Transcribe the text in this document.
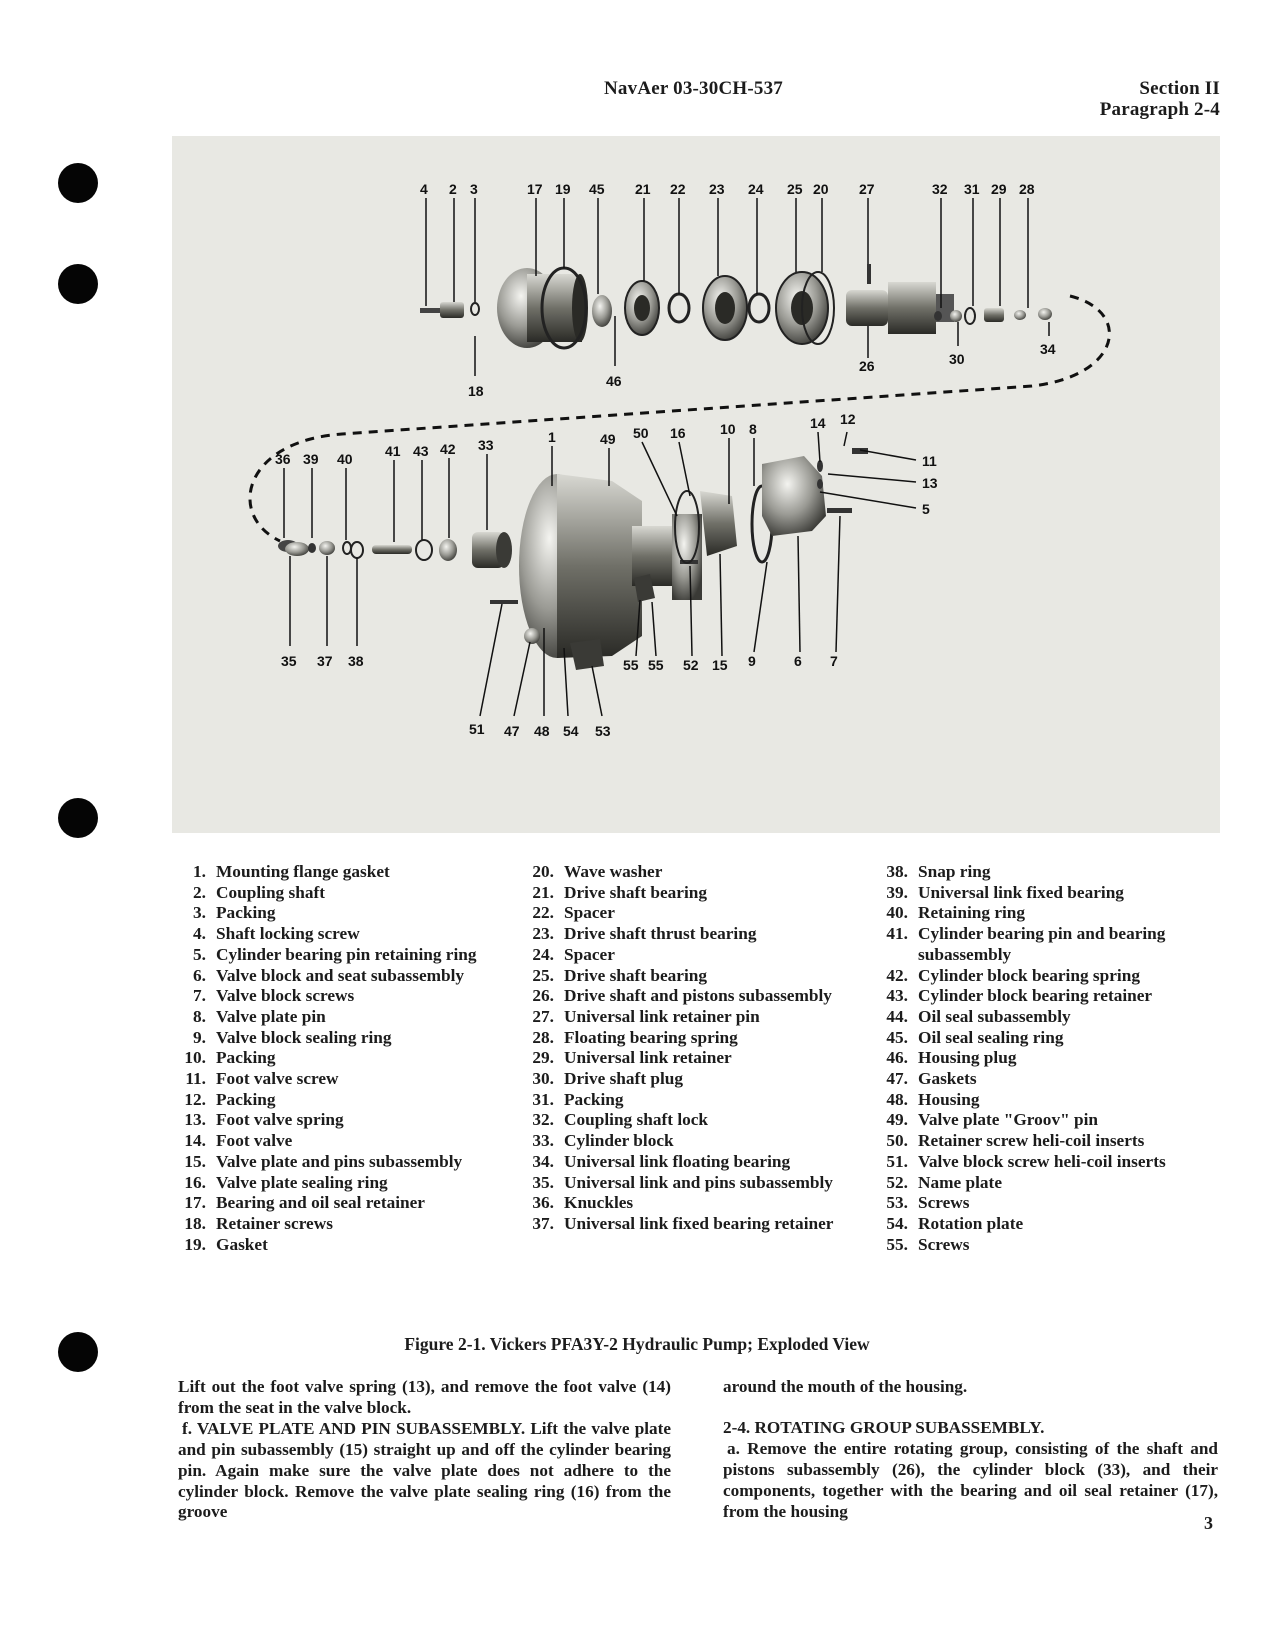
NavAer 03-30CH-537	Section II
Paragraph 2-4
4 2 3
18
17 19 45
46
21 22 23 24 25 20 27
26
32
30
31 29 28
34
36 39 40 41 43 42 33	1	49 50 16 10 8	14 12
11
13
5
35 37 38
51 47 48 54 53
55 55 52 15 9	6 7
1. Mounting flange gasket
2. Coupling shaft
3. Packing
4. Shaft locking screw
5. Cylinder bearing pin retaining ring
6. Valve block and seat subassembly
7. Valve block screws
8. Valve plate pin
9. Valve block sealing ring
10. Packing
11. Foot valve screw
12. Packing
13. Foot valve spring
14. Foot valve
15. Valve plate and pins subassembly
16. Valve plate sealing ring
17. Bearing and oil seal retainer
18. Retainer screws
19. Gasket
20. Wave washer
21. Drive shaft bearing
22. Spacer
23. Drive shaft thrust bearing
24. Spacer
25. Drive shaft bearing
26. Drive shaft and pistons subassembly
27. Universal link retainer pin
28. Floating bearing spring
29. Universal link retainer
30. Drive shaft plug
31. Packing
32. Coupling shaft lock
33. Cylinder block
34. Universal link floating bearing
35. Universal link and pins subassembly
36. Knuckles
37. Universal link fixed bearing retainer
38. Snap ring
39. Universal link fixed bearing
40. Retaining ring
41. Cylinder bearing pin and bearing subassembly
42. Cylinder block bearing spring
43. Cylinder block bearing retainer
44. Oil seal subassembly
45. Oil seal sealing ring
46. Housing plug
47. Gaskets
48. Housing
49. Valve plate "Groov" pin
50. Retainer screw heli-coil inserts
51. Valve block screw heli-coil inserts
52. Name plate
53. Screws
54. Rotation plate
55. Screws
Figure 2-1. Vickers PFA3Y-2 Hydraulic Pump; Exploded View

Lift out the foot valve spring (13), and remove the foot valve (14) from the seat in the valve block.

f. VALVE PLATE AND PIN SUBASSEMBLY. Lift the valve plate and pin subassembly (15) straight up and off the cylinder bearing pin. Again make sure the valve plate does not adhere to the cylinder block. Remove the valve plate sealing ring (16) from the groove

around the mouth of the housing.

2-4. ROTATING GROUP SUBASSEMBLY.

a. Remove the entire rotating group, consisting of the shaft and pistons subassembly (26), the cylinder block (33), and their components, together with the bearing and oil seal retainer (17), from the housing

3
